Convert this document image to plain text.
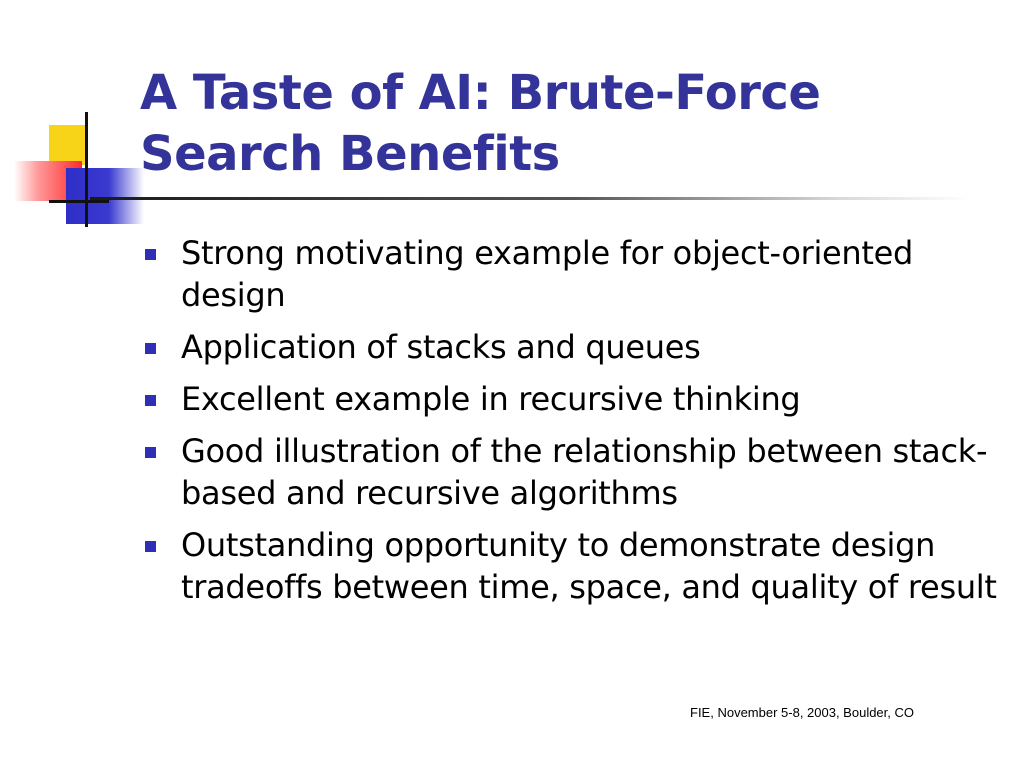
A Taste of AI: Brute-Force Search Benefits
Strong motivating example for object-oriented design
Application of stacks and queues
Excellent example in recursive thinking
Good illustration of the relationship between stack-based and recursive algorithms
Outstanding opportunity to demonstrate design tradeoffs between time, space, and quality of result
FIE, November 5-8, 2003, Boulder, CO
